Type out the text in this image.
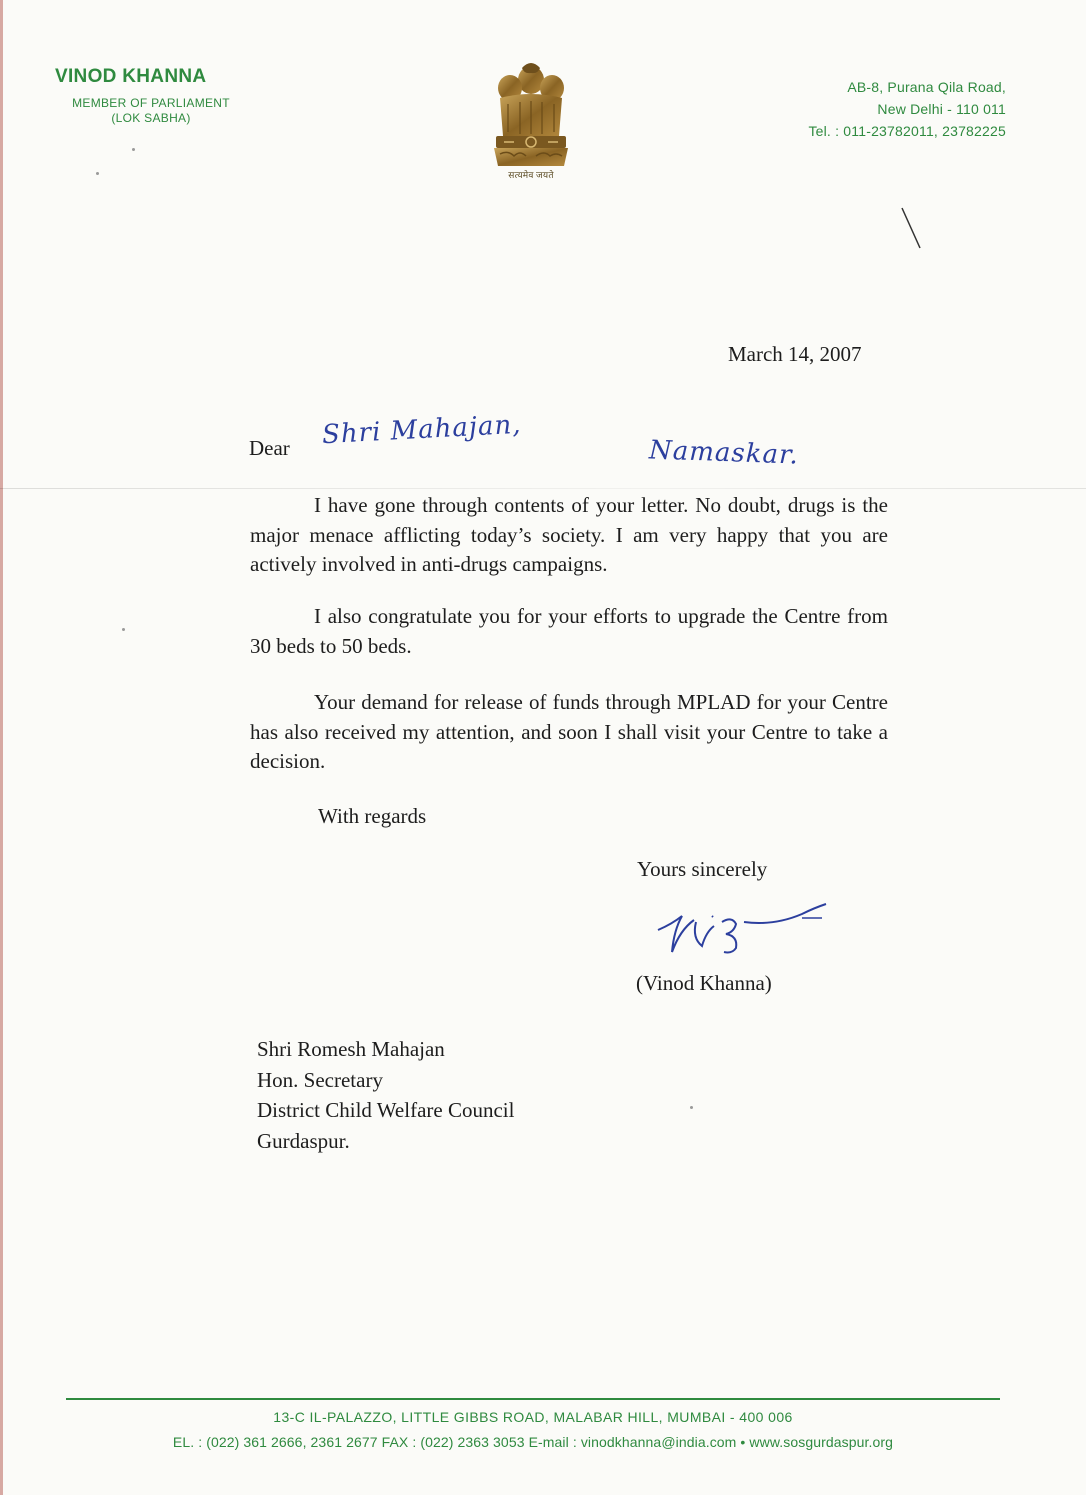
VINOD KHANNA
MEMBER OF PARLIAMENT
(LOK SABHA)
सत्यमेव जयते
AB-8, Purana Qila Road,
New Delhi - 110 011
Tel. : 011-23782011, 23782225
March 14, 2007
Dear Shri Mahajan,
Namaskar.
I have gone through contents of your letter. No doubt, drugs is the major menace afflicting today’s society. I am very happy that you are actively involved in anti-drugs campaigns.
I also congratulate you for your efforts to upgrade the Centre from 30 beds to 50 beds.
Your demand for release of funds through MPLAD for your Centre has also received my attention, and soon I shall visit your Centre to take a decision.
With regards
Yours sincerely
(Vinod Khanna)
Shri Romesh Mahajan
Hon. Secretary
District Child Welfare Council
Gurdaspur.
13-C IL-PALAZZO, LITTLE GIBBS ROAD, MALABAR HILL, MUMBAI - 400 006
EL. : (022) 361 2666, 2361 2677 FAX : (022) 2363 3053 E-mail : vinodkhanna@india.com • www.sosgurdaspur.org
